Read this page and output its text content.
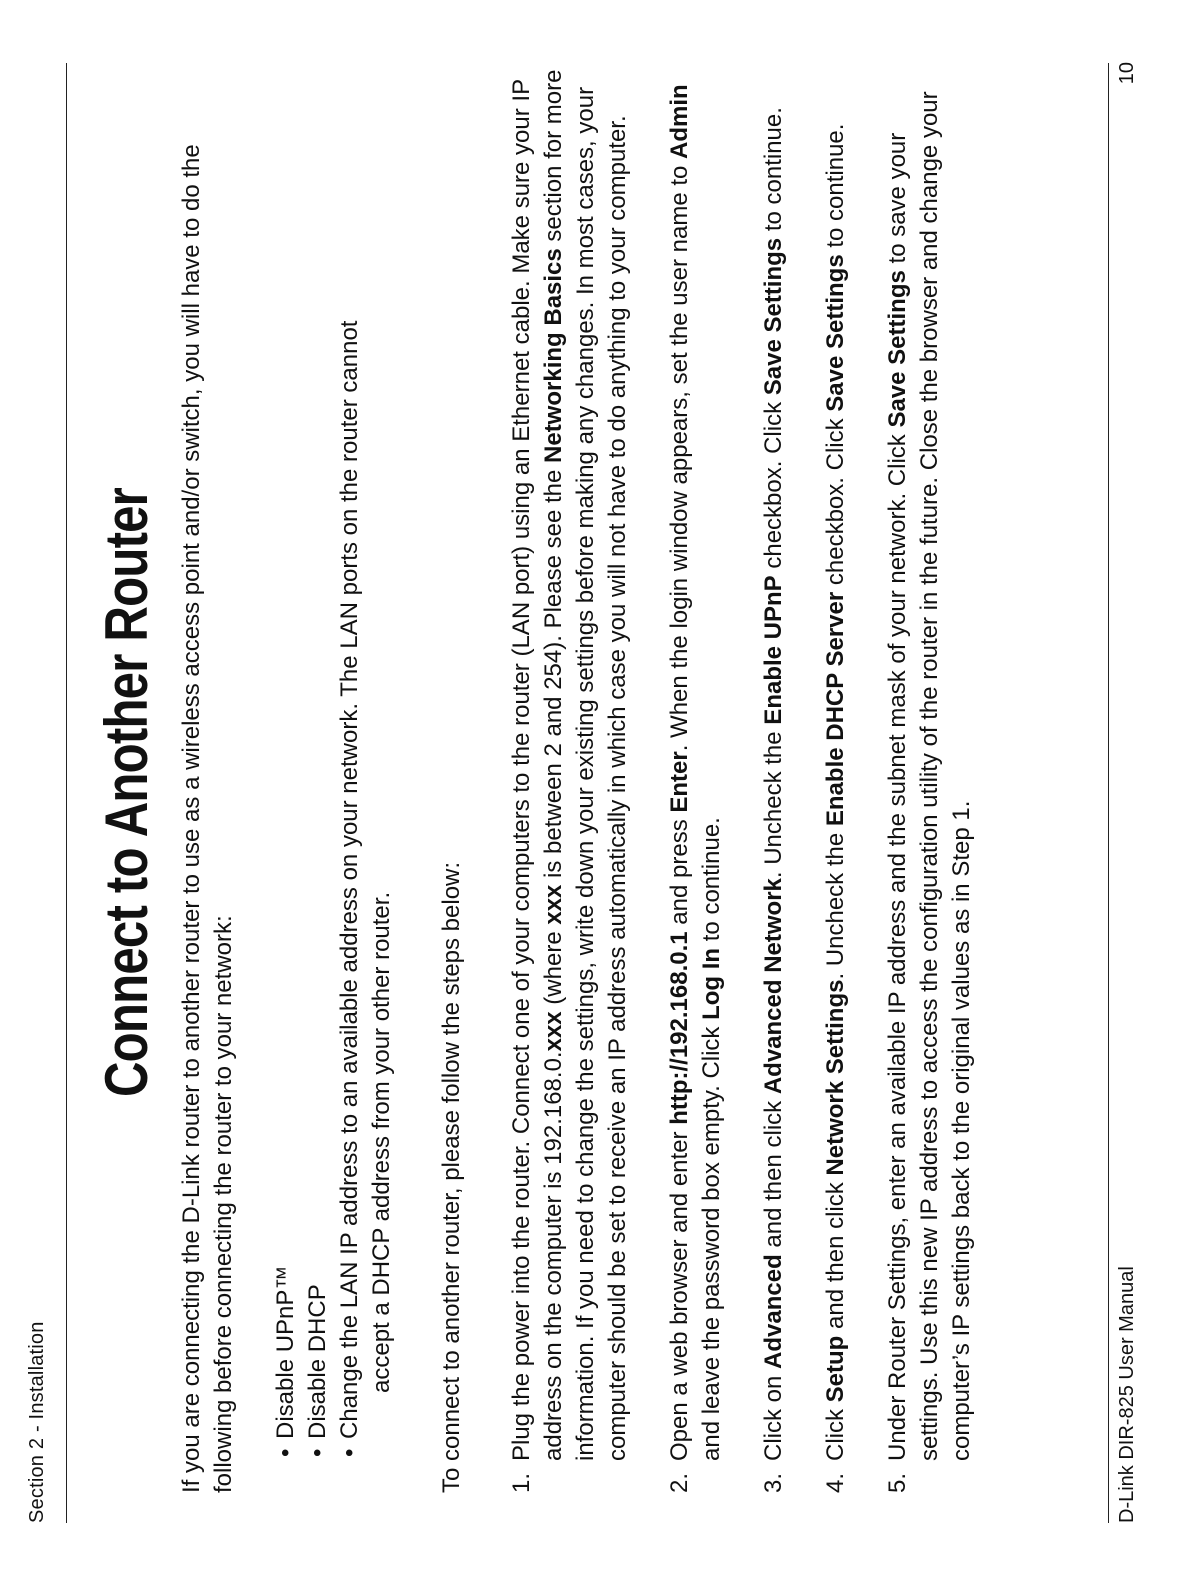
Section 2 - Installation
Connect to Another Router If you are connecting the D-Link router to another router to use as a wireless access point and/or switch, you will have to do the following before connecting the router to your network: • Disable UPnP™ • Disable DHCP • Change the LAN IP address to an available address on your network. The LAN ports on the router cannot accept a DHCP address from your other router. To connect to another router, please follow the steps below: 1.
Plug the power into the router. Connect one of your computers to the router (LAN port) using an Ethernet cable. Make sure your IP address on the computer is 192.168.0.xxx (where xxx is between 2 and 254). Please see the Networking Basics section for more information. If you need to change the settings, write down your existing settings before making any changes. In most cases, your computer should be set to receive an IP address automatically in which case you will not have to do anything to your computer.
2.
Open a web browser and enter http://192.168.0.1 and press Enter. When the login window appears, set the user name to Admin and leave the password box empty. Click Log In to continue.
3.
Click on Advanced and then click Advanced Network. Uncheck the Enable UPnP checkbox. Click Save Settings to continue.
4.
Click Setup and then click Network Settings. Uncheck the Enable DHCP Server checkbox. Click Save Settings to continue.
5.
Under Router Settings, enter an available IP address and the subnet mask of your network. Click Save Settings to save your settings. Use this new IP address to access the configuration utility of the router in the future. Close the browser and change your computer’s IP settings back to the original values as in Step 1.	D-Link DIR-825 User Manual
10
